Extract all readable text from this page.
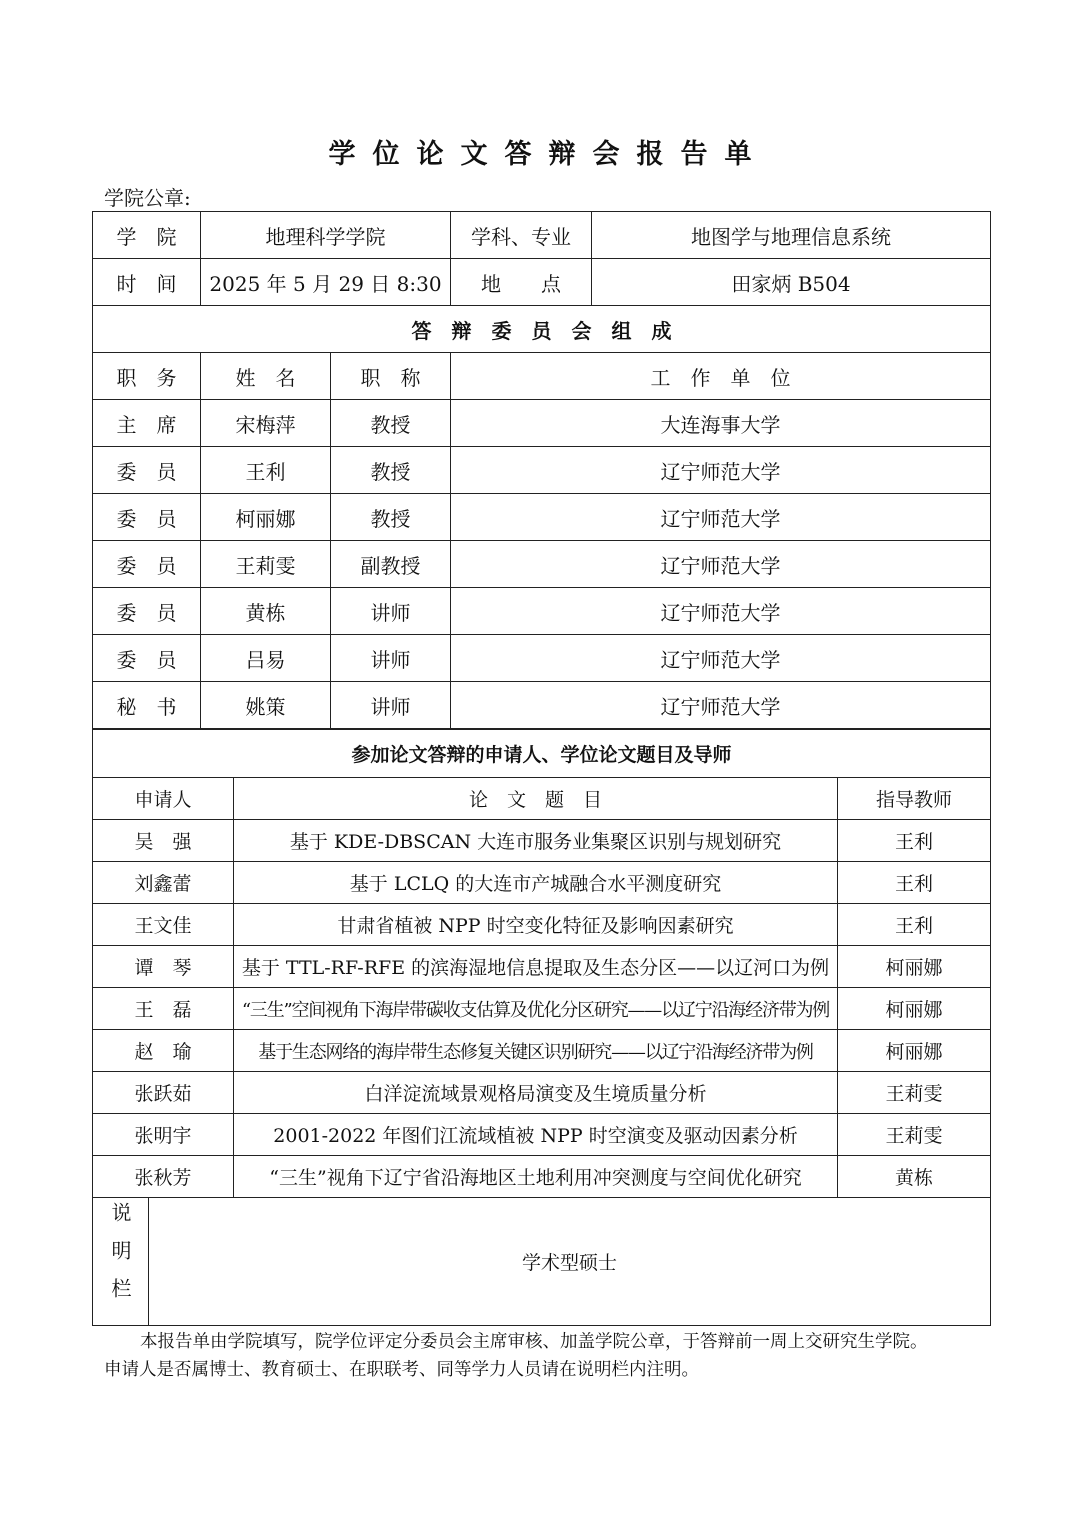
学位论文答辩会报告单
学院公章:
学　院	地理科学学院		学科、专业	地图学与地理信息系统
时　间	2025 年 5 月 29 日 8:30		地　　点	田家炳 B504
答辩委员会组成				
职　务	姓　名	职　称	工作单位	
主　席	宋梅萍	教授	大连海事大学	
委　员	王利	教授	辽宁师范大学	
委　员	柯丽娜	教授	辽宁师范大学	
委　员	王莉雯	副教授	辽宁师范大学	
委　员	黄栋	讲师	辽宁师范大学	
委　员	吕易	讲师	辽宁师范大学	
秘　书	姚策	讲师	辽宁师范大学	
参加论文答辩的申请人、学位论文题目及导师			
申请人		论　文　题　目	指导教师
吴　强		基于 KDE-DBSCAN 大连市服务业集聚区识别与规划研究	王利
刘鑫蕾		基于 LCLQ 的大连市产城融合水平测度研究	王利
王文佳		甘肃省植被 NPP 时空变化特征及影响因素研究	王利
谭　琴		基于 TTL-RF-RFE 的滨海湿地信息提取及生态分区——以辽河口为例	柯丽娜
王　磊		“三生”空间视角下海岸带碳收支估算及优化分区研究——以辽宁沿海经济带为例	柯丽娜
赵　瑜		基于生态网络的海岸带生态修复关键区识别研究——以辽宁沿海经济带为例	柯丽娜
张跃茹		白洋淀流域景观格局演变及生境质量分析	王莉雯
张明宇		2001-2022 年图们江流域植被 NPP 时空演变及驱动因素分析	王莉雯
张秋芳		“三生”视角下辽宁省沿海地区土地利用冲突测度与空间优化研究	黄栋
说明栏	学术型硕士		

本报告单由学院填写，院学位评定分委员会主席审核、加盖学院公章，于答辩前一周上交研究生学院。

申请人是否属博士、教育硕士、在职联考、同等学力人员请在说明栏内注明。
